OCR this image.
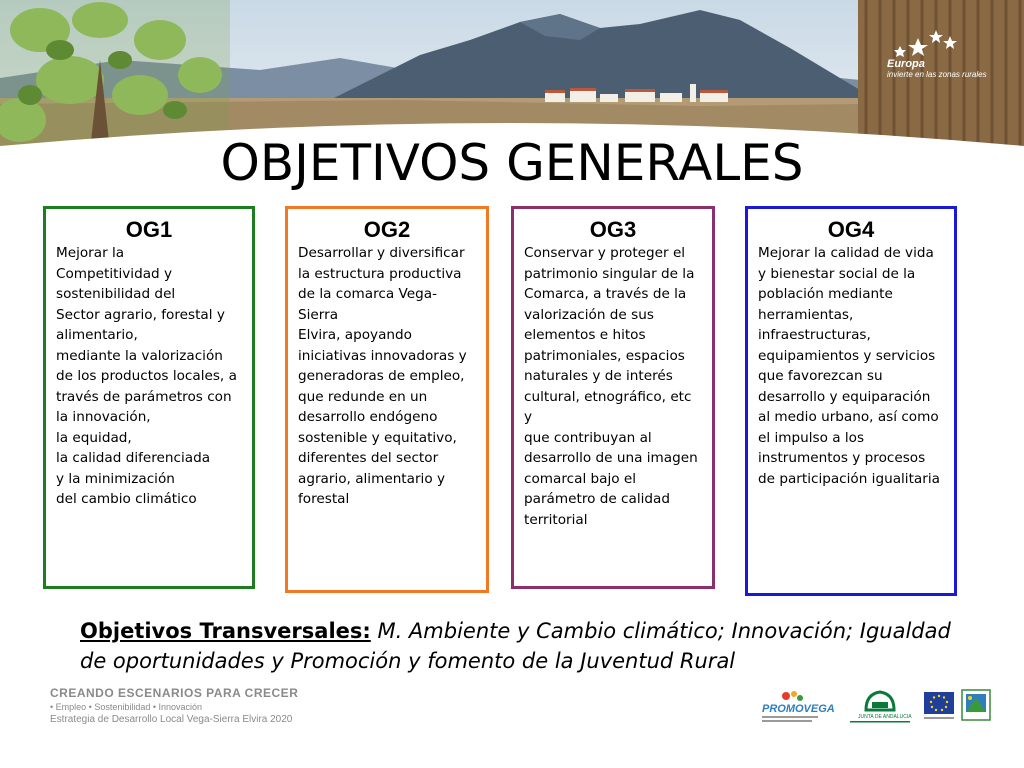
Europa
invierte en las zonas rurales
OBJETIVOS GENERALES
OG1
Mejorar la
Competitividad y
sostenibilidad del
Sector agrario, forestal y
alimentario,
mediante la valorización
de los productos locales, a
través de parámetros con
la innovación,
la equidad,
la calidad diferenciada
y la minimización
del cambio climático
OG2
Desarrollar y diversificar
la estructura productiva
de la comarca Vega-Sierra
Elvira, apoyando
iniciativas innovadoras y
generadoras de empleo,
que redunde en un
desarrollo endógeno
sostenible y equitativo,
diferentes del sector
agrario, alimentario y
forestal
OG3
Conservar y proteger el
patrimonio singular de la
Comarca, a través de la
valorización de sus
elementos e hitos
patrimoniales, espacios
naturales y de interés
cultural, etnográfico, etc y
que contribuyan al
desarrollo de una imagen
comarcal bajo el
parámetro de calidad
territorial
OG4
Mejorar la calidad de vida
y bienestar social de la
población mediante
herramientas,
infraestructuras,
equipamientos y servicios
que favorezcan su
desarrollo y equiparación
al medio urbano, así como
el impulso a los
instrumentos y procesos
de participación igualitaria
Objetivos Transversales: M. Ambiente y Cambio climático; Innovación; Igualdad de oportunidades y Promoción y fomento de la Juventud Rural
CREANDO ESCENARIOS PARA CRECER
• Empleo • Sostenibilidad • Innovación
Estrategia de Desarrollo Local Vega-Sierra Elvira 2020
PROMOVEGA
JUNTA DE ANDALUCIA
